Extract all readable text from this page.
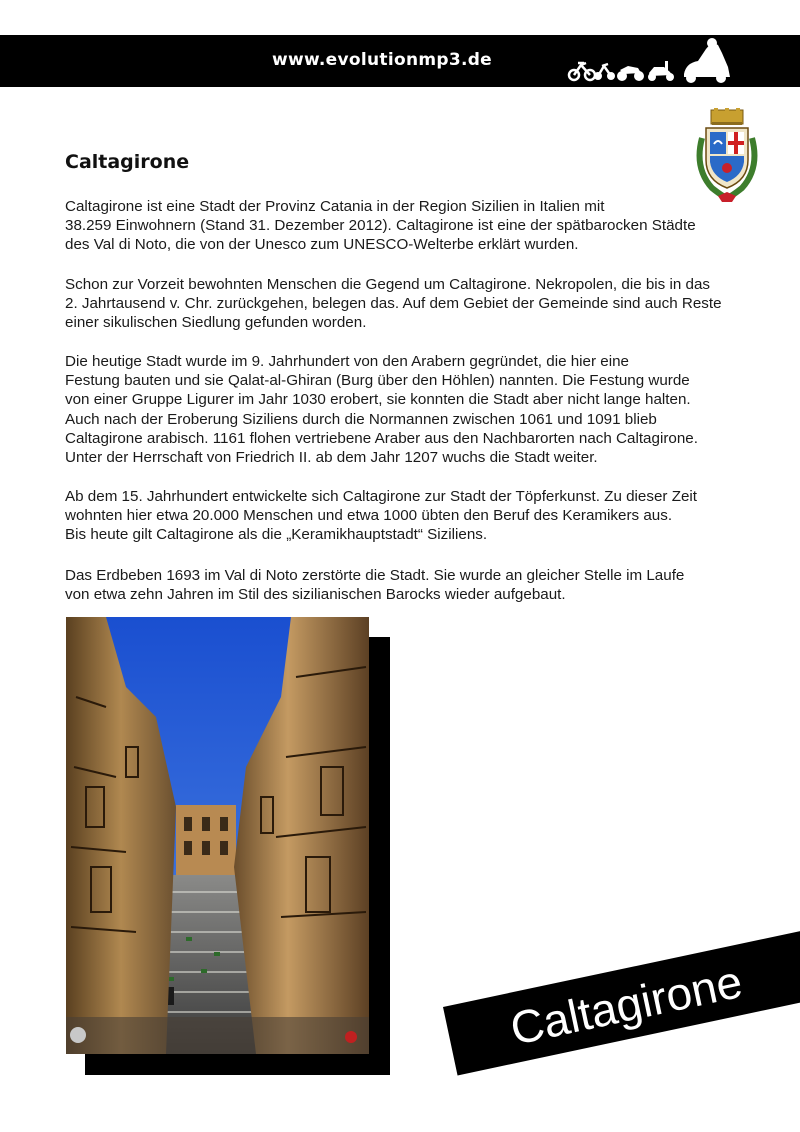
www.evolutionmp3.de
Caltagirone

Caltagirone ist eine Stadt der Provinz Catania in der Region Sizilien in Italien mit
38.259 Einwohnern (Stand 31. Dezember 2012). Caltagirone ist eine der spätbarocken Städte
des Val di Noto, die von der Unesco zum UNESCO-Welterbe erklärt wurden.

Schon zur Vorzeit bewohnten Menschen die Gegend um Caltagirone. Nekropolen, die bis in das
2. Jahrtausend v. Chr. zurückgehen, belegen das. Auf dem Gebiet der Gemeinde sind auch Reste
einer sikulischen Siedlung gefunden worden.

Die heutige Stadt wurde im 9. Jahrhundert von den Arabern gegründet, die hier eine
Festung bauten und sie Qalat-al-Ghiran (Burg über den Höhlen) nannten. Die Festung wurde
von einer Gruppe Ligurer im Jahr 1030 erobert, sie konnten die Stadt aber nicht lange halten.
Auch nach der Eroberung Siziliens durch die Normannen zwischen 1061 und 1091 blieb
Caltagirone arabisch. 1161 flohen vertriebene Araber aus den Nachbarorten nach Caltagirone.
Unter der Herrschaft von Friedrich II. ab dem Jahr 1207 wuchs die Stadt weiter.

Ab dem 15. Jahrhundert entwickelte sich Caltagirone zur Stadt der Töpferkunst. Zu dieser Zeit
wohnten hier etwa 20.000 Menschen und etwa 1000 übten den Beruf des Keramikers aus.
Bis heute gilt Caltagirone als die „Keramikhauptstadt“ Siziliens.

Das Erdbeben 1693 im Val di Noto zerstörte die Stadt. Sie wurde an gleicher Stelle im Laufe
von etwa zehn Jahren im Stil des sizilianischen Barocks wieder aufgebaut.

Caltagirone
